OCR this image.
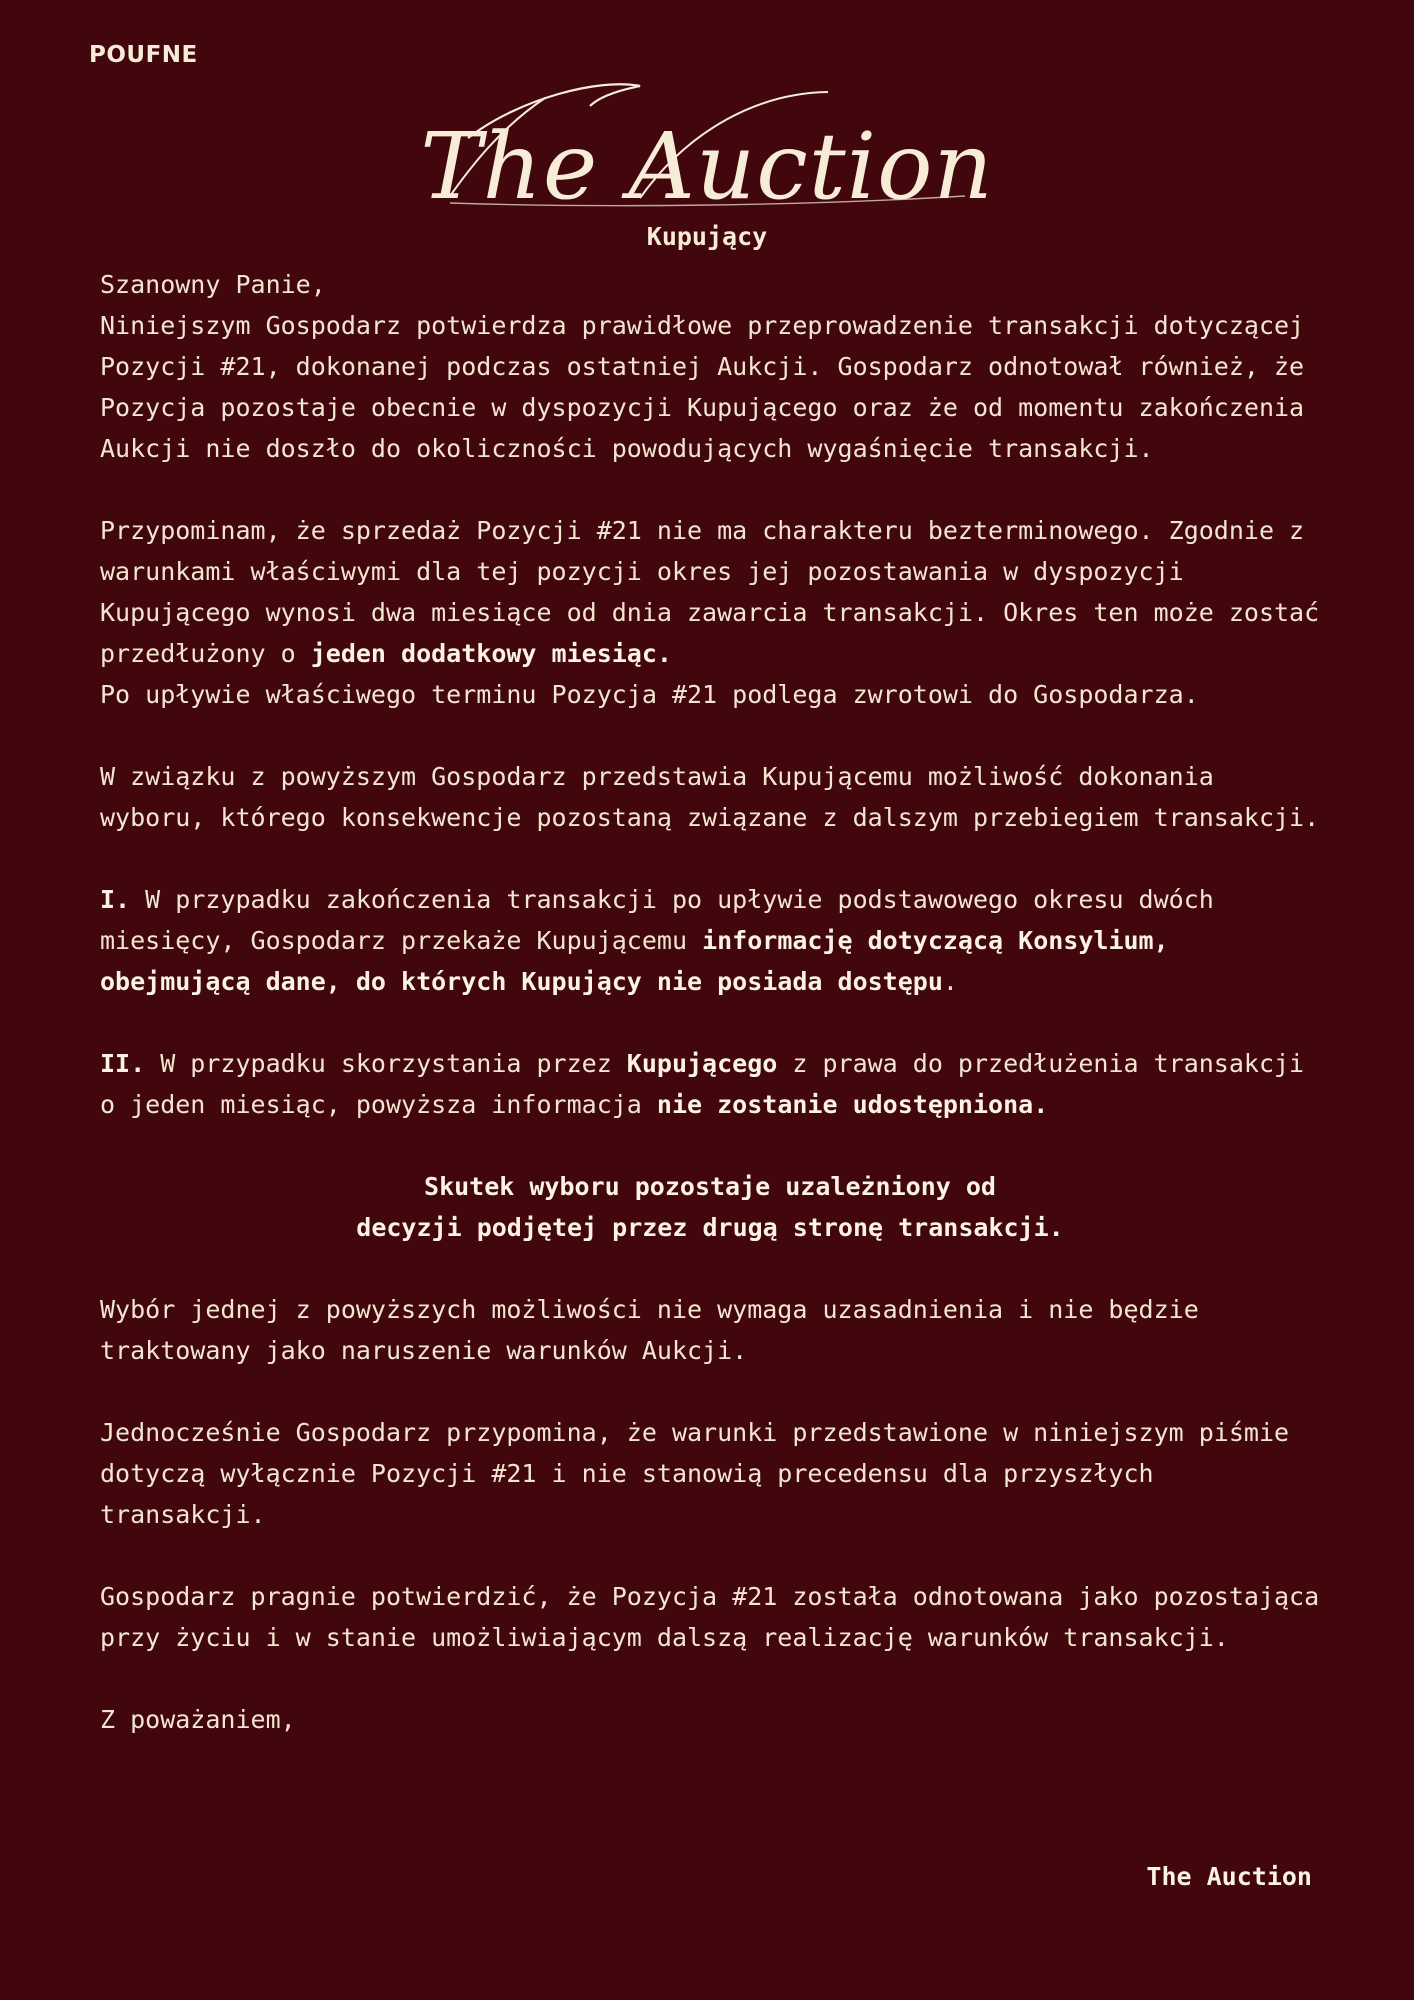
POUFNE
The Auction
Kupujący

Szanowny Panie,

Niniejszym Gospodarz potwierdza prawidłowe przeprowadzenie transakcji dotyczącej Pozycji #21, dokonanej podczas ostatniej Aukcji. Gospodarz odnotował również, że Pozycja pozostaje obecnie w dyspozycji Kupującego oraz że od momentu zakończenia Aukcji nie doszło do okoliczności powodujących wygaśnięcie transakcji.

Przypominam, że sprzedaż Pozycji #21 nie ma charakteru bezterminowego. Zgodnie z warunkami właściwymi dla tej pozycji okres jej pozostawania w dyspozycji Kupującego wynosi dwa miesiące od dnia zawarcia transakcji. Okres ten może zostać przedłużony o jeden dodatkowy miesiąc.

Po upływie właściwego terminu Pozycja #21 podlega zwrotowi do Gospodarza.

W związku z powyższym Gospodarz przedstawia Kupującemu możliwość dokonania wyboru, którego konsekwencje pozostaną związane z dalszym przebiegiem transakcji.

I. W przypadku zakończenia transakcji po upływie podstawowego okresu dwóch miesięcy, Gospodarz przekaże Kupującemu informację dotyczącą Konsylium, obejmującą dane, do których Kupujący nie posiada dostępu.

II. W przypadku skorzystania przez Kupującego z prawa do przedłużenia transakcji o jeden miesiąc, powyższa informacja nie zostanie udostępniona.

Skutek wyboru pozostaje uzależniony od

decyzji podjętej przez drugą stronę transakcji.

Wybór jednej z powyższych możliwości nie wymaga uzasadnienia i nie będzie traktowany jako naruszenie warunków Aukcji.

Jednocześnie Gospodarz przypomina, że warunki przedstawione w niniejszym piśmie dotyczą wyłącznie Pozycji #21 i nie stanowią precedensu dla przyszłych transakcji.

Gospodarz pragnie potwierdzić, że Pozycja #21 została odnotowana jako pozostająca przy życiu i w stanie umożliwiającym dalszą realizację warunków transakcji.

Z poważaniem,

The Auction
